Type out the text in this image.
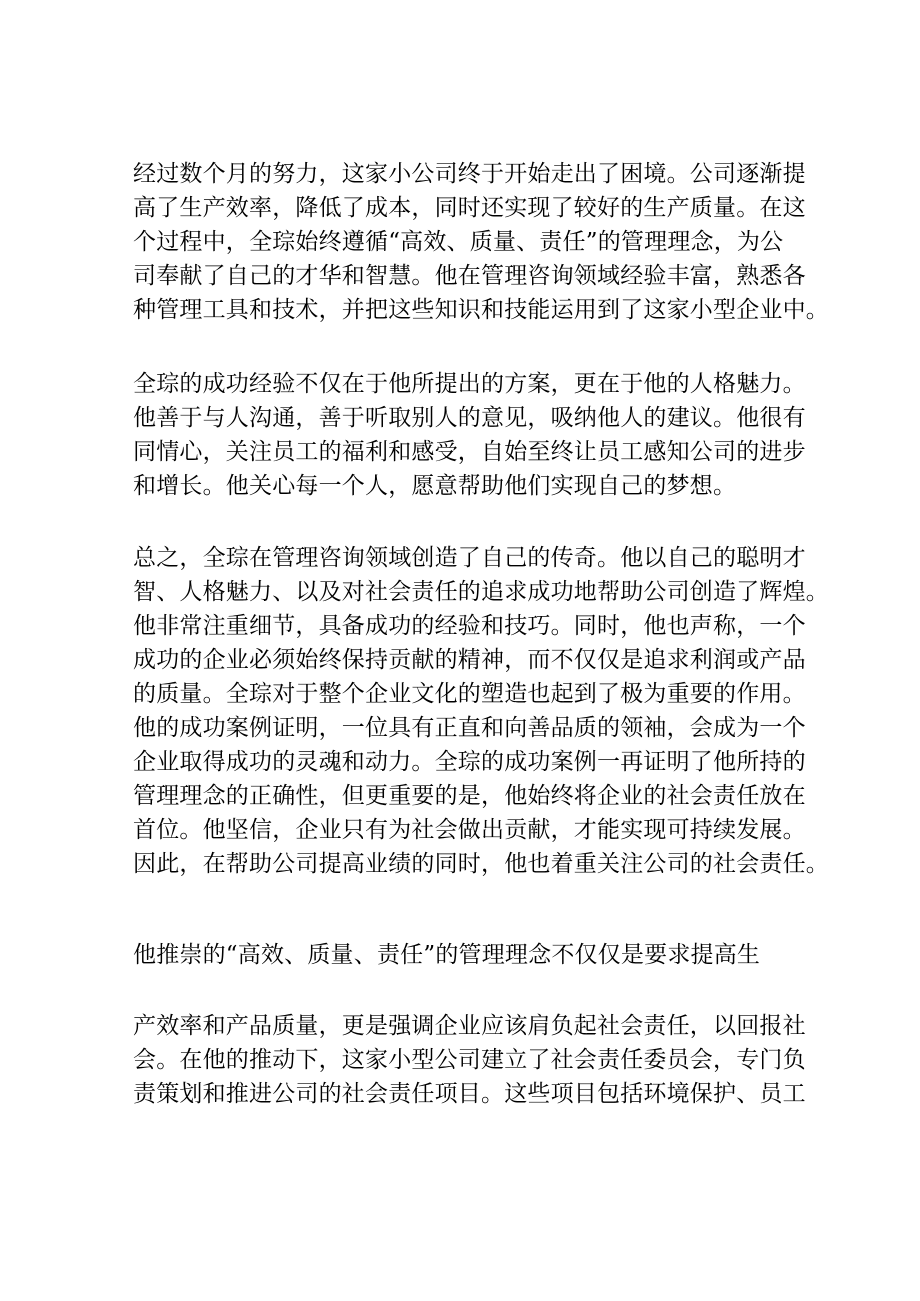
经过数个月的努力，这家小公司终于开始走出了困境。公司逐渐提
高了生产效率，降低了成本，同时还实现了较好的生产质量。在这
个过程中，全琮始终遵循“高效、质量、责任”的管理理念，为公
司奉献了自己的才华和智慧。他在管理咨询领域经验丰富，熟悉各
种管理工具和技术，并把这些知识和技能运用到了这家小型企业中。
全琮的成功经验不仅在于他所提出的方案，更在于他的人格魅力。
他善于与人沟通，善于听取别人的意见，吸纳他人的建议。他很有
同情心，关注员工的福利和感受，自始至终让员工感知公司的进步
和增长。他关心每一个人，愿意帮助他们实现自己的梦想。
总之，全琮在管理咨询领域创造了自己的传奇。他以自己的聪明才
智、人格魅力、以及对社会责任的追求成功地帮助公司创造了辉煌。
他非常注重细节，具备成功的经验和技巧。同时，他也声称，一个
成功的企业必须始终保持贡献的精神，而不仅仅是追求利润或产品
的质量。全琮对于整个企业文化的塑造也起到了极为重要的作用。
他的成功案例证明，一位具有正直和向善品质的领袖，会成为一个
企业取得成功的灵魂和动力。全琮的成功案例一再证明了他所持的
管理理念的正确性，但更重要的是，他始终将企业的社会责任放在
首位。他坚信，企业只有为社会做出贡献，才能实现可持续发展。
因此，在帮助公司提高业绩的同时，他也着重关注公司的社会责任。
他推崇的“高效、质量、责任”的管理理念不仅仅是要求提高生
产效率和产品质量，更是强调企业应该肩负起社会责任，以回报社
会。在他的推动下，这家小型公司建立了社会责任委员会，专门负
责策划和推进公司的社会责任项目。这些项目包括环境保护、员工
